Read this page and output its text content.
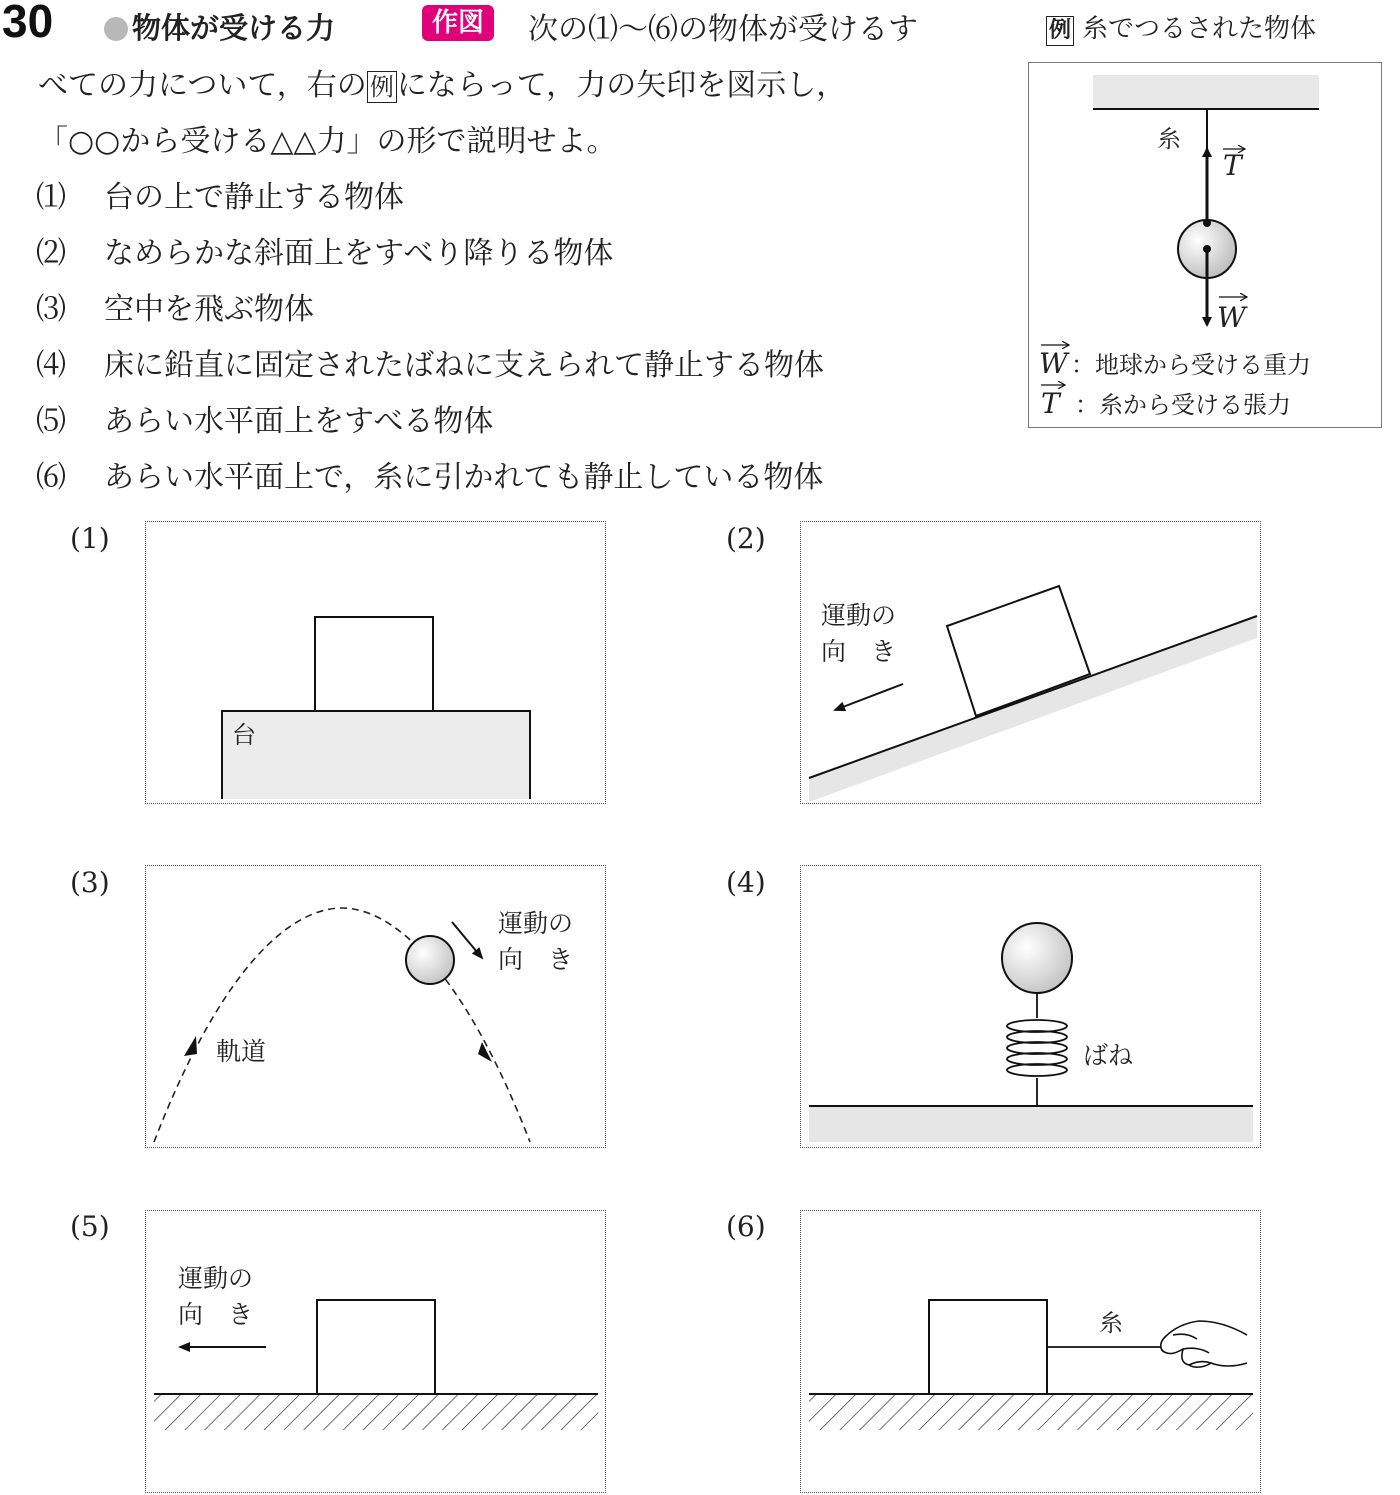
30	物体が受ける力	作図	次の⑴～⑹の物体が受けるす
べての力について，右の 例 にならって，力の矢印を図示し，
「○○から受ける△△力」の形で説明せよ。
⑴ 台の上で静止する物体
⑵ なめらかな斜面上をすべり降りる物体
⑶ 空中を飛ぶ物体
⑷ 床に鉛直に固定されたばねに支えられて静止する物体
⑸ あらい水平面上をすべる物体
⑹ あらい水平面上で，糸に引かれても静止している物体
例 糸でつるされた物体
糸
T
W
W ：地球から受ける重力
T ：糸から受ける張力
(1)	(2)
(3)	(4)
(5)	(6)
台
運動の
向　き
運動の
向　き
軌道	ばね
運動の
向　き	糸
